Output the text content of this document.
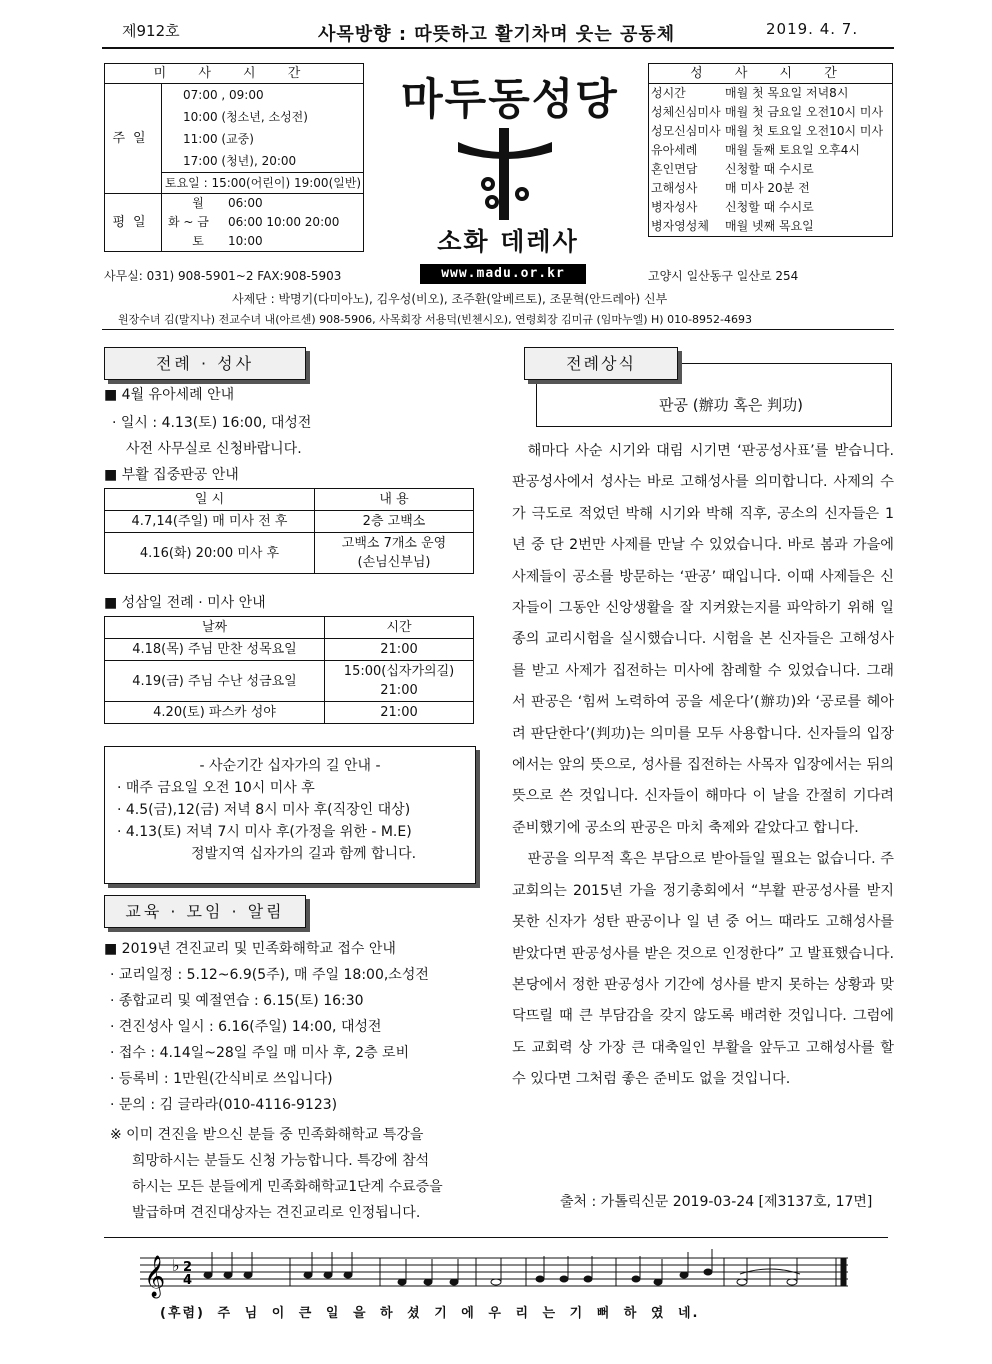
제912호	사목방향 : 따뜻하고 활기차며 웃는 공동체	2019. 4. 7.
미 사 시 간	
주일	07:00 , 09:00
10:00 (청소년, 소성전)
11:00 (교중)
17:00 (청년), 20:00
토요일 : 15:00(어린이) 19:00(일반)

평일	월 06:00
화 ~ 금 06:00 10:00 20:00
토 10:00
마두동성당
소화 데레사
성 사 시 간

성시간	매월 첫 목요일 저녁8시
성체신심미사 매월 첫 금요일 오전10시 미사
성모신심미사 매월 첫 토요일 오전10시 미사
유아세례	매월 둘째 토요일 오후4시
혼인면담	신청할 때 수시로
고해성사	매 미사 20분 전
병자성사	신청할 때 수시로
병자영성체	매월 넷째 목요일
사무실: 031) 908-5901~2 FAX:908-5903	www.madu.or.kr	고양시 일산동구 일산로 254
사제단 : 박명기(다미아노), 김우성(비오), 조주환(알베르토), 조문혁(안드레아) 신부
원장수녀 김(말지나) 전교수녀 내(아르센) 908-5906, 사목회장 서용덕(빈첸시오), 연령회장 김미규 (임마누엘) H) 010-8952-4693
전례 · 성사
■ 4월 유아세례 안내
· 일시 : 4.13(토) 16:00, 대성전
사전 사무실로 신청바랍니다.
■ 부활 집중판공 안내
일 시	내 용
4.7,14(주일) 매 미사 전 후	2층 고백소
4.16(화) 20:00 미사 후	고백소 7개소 운영
(손님신부님)
■ 성삼일 전례 · 미사 안내
날짜	시간
4.18(목) 주님 만찬 성목요일	21:00
4.19(금) 주님 수난 성금요일	15:00(십자가의길)
21:00

4.20(토) 파스카 성야	21:00
- 사순기간 십자가의 길 안내 -
· 매주 금요일 오전 10시 미사 후
· 4.5(금),12(금) 저녁 8시 미사 후(직장인 대상)
· 4.13(토) 저녁 7시 미사 후(가정을 위한 - M.E)
정발지역 십자가의 길과 함께 합니다.
교육 · 모임 · 알림
■ 2019년 견진교리 및 민족화해학교 접수 안내
· 교리일정 : 5.12~6.9(5주), 매 주일 18:00,소성전
· 종합교리 및 예절연습 : 6.15(토) 16:30
· 견진성사 일시 : 6.16(주일) 14:00, 대성전
· 접수 : 4.14일~28일 주일 매 미사 후, 2층 로비
· 등록비 : 1만원(간식비로 쓰입니다)
· 문의 : 김 글라라(010-4116-9123)
※ 이미 견진을 받으신 분들 중 민족화해학교 특강을
희망하시는 분들도 신청 가능합니다. 특강에 참석
하시는 모든 분들에게 민족화해학교1단계 수료증을
발급하며 견진대상자는 견진교리로 인정됩니다.
판공 (辦功 혹은 判功)
전례상식

해마다 사순 시기와 대림 시기면 ‘판공성사표’를 받습니다. 판공성사에서 성사는 바로 고해성사를 의미합니다. 사제의 수가 극도로 적었던 박해 시기와 박해 직후, 공소의 신자들은 1년 중 단 2번만 사제를 만날 수 있었습니다. 바로 봄과 가을에 사제들이 공소를 방문하는 ‘판공’ 때입니다. 이때 사제들은 신자들이 그동안 신앙생활을 잘 지켜왔는지를 파악하기 위해 일종의 교리시험을 실시했습니다. 시험을 본 신자들은 고해성사를 받고 사제가 집전하는 미사에 참례할 수 있었습니다. 그래서 판공은 ‘힘써 노력하여 공을 세운다’(辦功)와 ‘공로를 헤아려 판단한다’(判功)는 의미를 모두 사용합니다. 신자들의 입장에서는 앞의 뜻으로, 성사를 집전하는 사목자 입장에서는 뒤의 뜻으로 쓴 것입니다. 신자들이 해마다 이 날을 간절히 기다려 준비했기에 공소의 판공은 마치 축제와 같았다고 합니다.

판공을 의무적 혹은 부담으로 받아들일 필요는 없습니다. 주교회의는 2015년 가을 정기총회에서 “부활 판공성사를 받지 못한 신자가 성탄 판공이나 일 년 중 어느 때라도 고해성사를 받았다면 판공성사를 받은 것으로 인정한다” 고 발표했습니다. 본당에서 정한 판공성사 기간에 성사를 받지 못하는 상황과 맞닥뜨릴 때 큰 부담감을 갖지 않도록 배려한 것입니다. 그럼에도 교회력 상 가장 큰 대축일인 부활을 앞두고 고해성사를 할 수 있다면 그처럼 좋은 준비도 없을 것입니다.

출처 : 가톨릭신문 2019-03-24 [제3137호, 17면]
𝄞 ♭ 2
4
(후렴) 주 님 이 큰 일 을 하 셨 기 에 우 리 는 기 뻐 하 였 네.
